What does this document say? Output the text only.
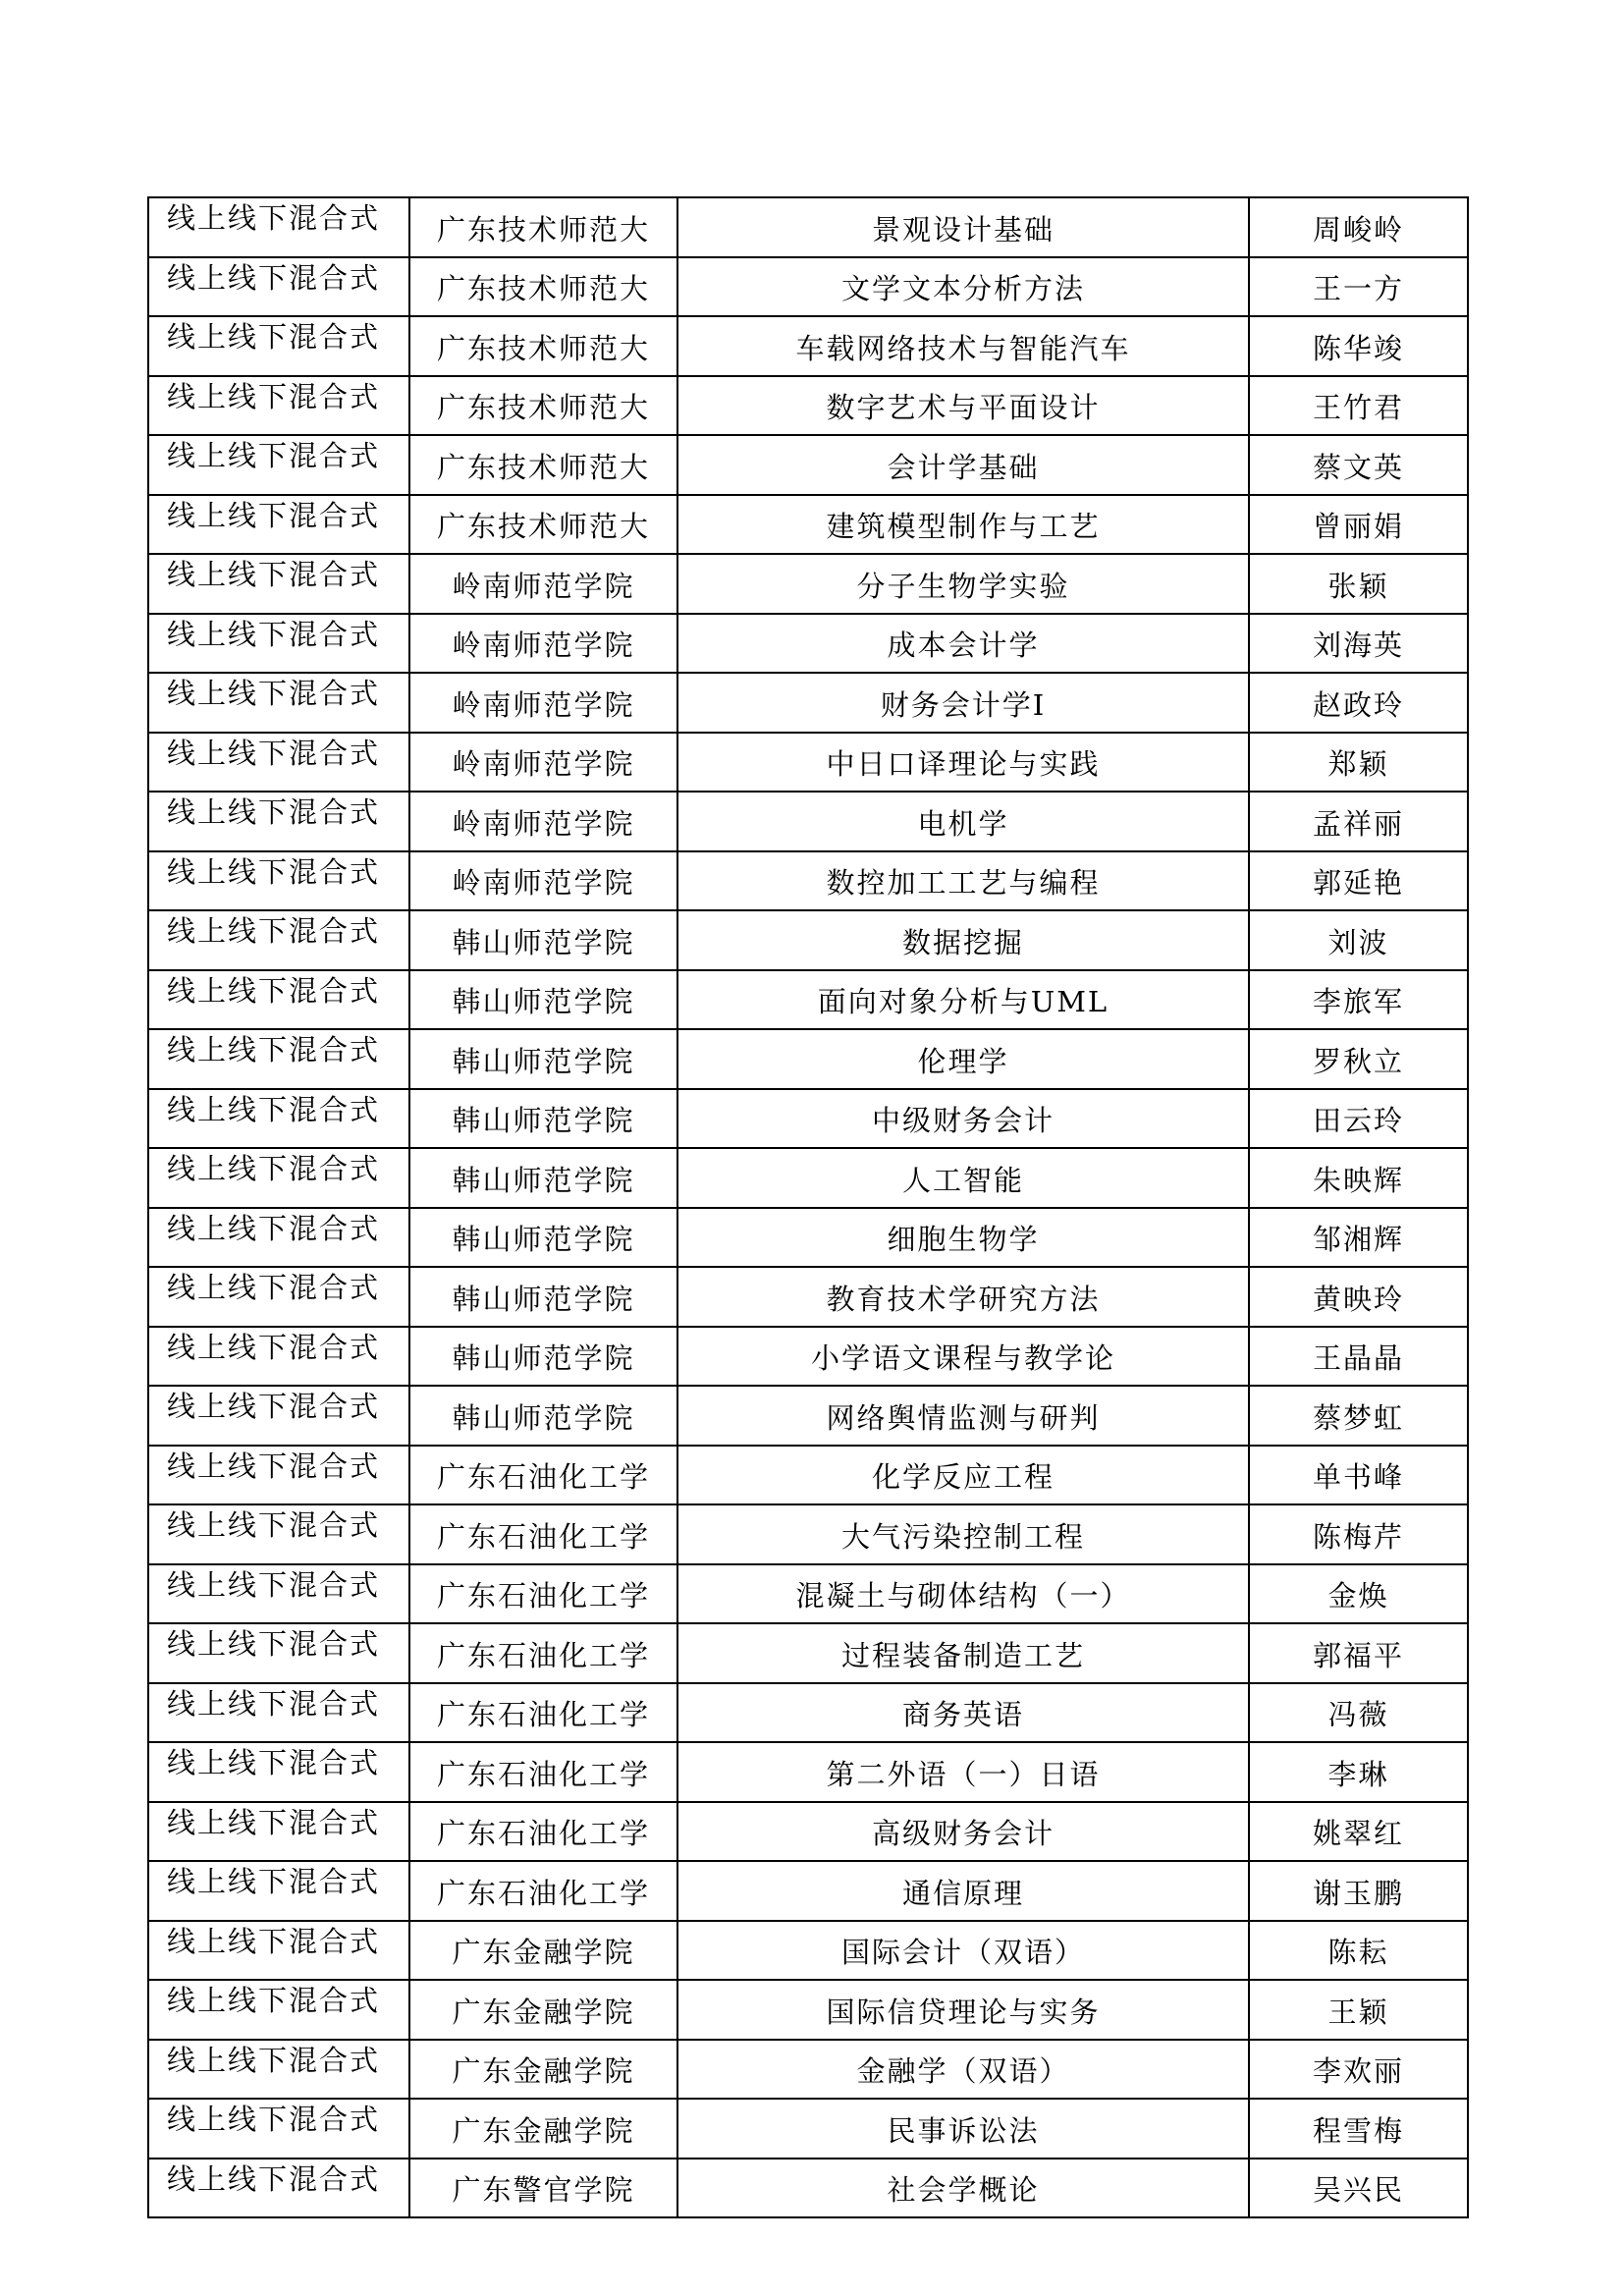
线上线下混合式	广东技术师范大	景观设计基础	周峻岭
线上线下混合式	广东技术师范大	文学文本分析方法	王一方
线上线下混合式	广东技术师范大	车载网络技术与智能汽车	陈华竣
线上线下混合式	广东技术师范大	数字艺术与平面设计	王竹君
线上线下混合式	广东技术师范大	会计学基础	蔡文英
线上线下混合式	广东技术师范大	建筑模型制作与工艺	曾丽娟
线上线下混合式	岭南师范学院	分子生物学实验	张颖
线上线下混合式	岭南师范学院	成本会计学	刘海英
线上线下混合式	岭南师范学院	财务会计学Ⅰ	赵政玲
线上线下混合式	岭南师范学院	中日口译理论与实践	郑颖
线上线下混合式	岭南师范学院	电机学	孟祥丽
线上线下混合式	岭南师范学院	数控加工工艺与编程	郭延艳
线上线下混合式	韩山师范学院	数据挖掘	刘波
线上线下混合式	韩山师范学院	面向对象分析与UML	李旅军
线上线下混合式	韩山师范学院	伦理学	罗秋立
线上线下混合式	韩山师范学院	中级财务会计	田云玲
线上线下混合式	韩山师范学院	人工智能	朱映辉
线上线下混合式	韩山师范学院	细胞生物学	邹湘辉
线上线下混合式	韩山师范学院	教育技术学研究方法	黄映玲
线上线下混合式	韩山师范学院	小学语文课程与教学论	王晶晶
线上线下混合式	韩山师范学院	网络舆情监测与研判	蔡梦虹
线上线下混合式	广东石油化工学	化学反应工程	单书峰
线上线下混合式	广东石油化工学	大气污染控制工程	陈梅芹
线上线下混合式	广东石油化工学	混凝土与砌体结构（一）	金焕
线上线下混合式	广东石油化工学	过程装备制造工艺	郭福平
线上线下混合式	广东石油化工学	商务英语	冯薇
线上线下混合式	广东石油化工学	第二外语（一）日语	李琳
线上线下混合式	广东石油化工学	高级财务会计	姚翠红
线上线下混合式	广东石油化工学	通信原理	谢玉鹏
线上线下混合式	广东金融学院	国际会计（双语）	陈耘
线上线下混合式	广东金融学院	国际信贷理论与实务	王颖
线上线下混合式	广东金融学院	金融学（双语）	李欢丽
线上线下混合式	广东金融学院	民事诉讼法	程雪梅
线上线下混合式	广东警官学院	社会学概论	吴兴民
